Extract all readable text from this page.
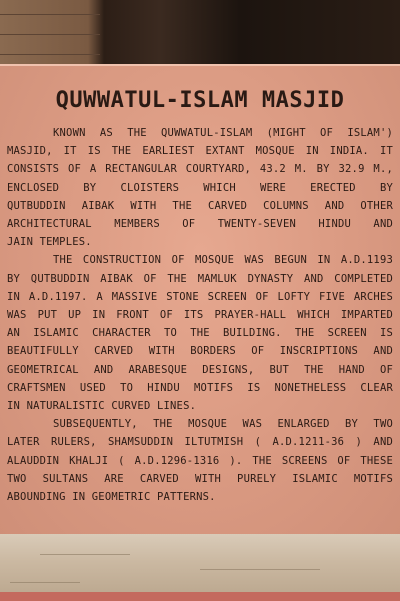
QUWWATUL-ISLAM MASJID
KNOWN AS THE QUWWATUL-ISLAM (MIGHT OF ISLAM')
MASJID, IT IS THE EARLIEST EXTANT MOSQUE IN INDIA. IT
CONSISTS OF A RECTANGULAR COURTYARD, 43.2 M. BY 32.9 M.,
ENCLOSED BY CLOISTERS WHICH WERE ERECTED BY
QUTBUDDIN AIBAK WITH THE CARVED COLUMNS AND OTHER
ARCHITECTURAL MEMBERS OF TWENTY-SEVEN HINDU AND
JAIN TEMPLES.
THE CONSTRUCTION OF MOSQUE WAS BEGUN IN A.D.1193
BY QUTBUDDIN AIBAK OF THE MAMLUK DYNASTY AND COMPLETED
IN A.D.1197. A MASSIVE STONE SCREEN OF LOFTY FIVE ARCHES
WAS PUT UP IN FRONT OF ITS PRAYER-HALL WHICH IMPARTED
AN ISLAMIC CHARACTER TO THE BUILDING. THE SCREEN IS
BEAUTIFULLY CARVED WITH BORDERS OF INSCRIPTIONS AND
GEOMETRICAL AND ARABESQUE DESIGNS, BUT THE HAND OF
CRAFTSMEN USED TO HINDU MOTIFS IS NONETHELESS CLEAR
IN NATURALISTIC CURVED LINES.
SUBSEQUENTLY, THE MOSQUE WAS ENLARGED BY TWO
LATER RULERS, SHAMSUDDIN ILTUTMISH ( A.D.1211-36 ) AND
ALAUDDIN KHALJI ( A.D.1296-1316 ). THE SCREENS OF THESE
TWO SULTANS ARE CARVED WITH PURELY ISLAMIC MOTIFS
ABOUNDING IN GEOMETRIC PATTERNS.
